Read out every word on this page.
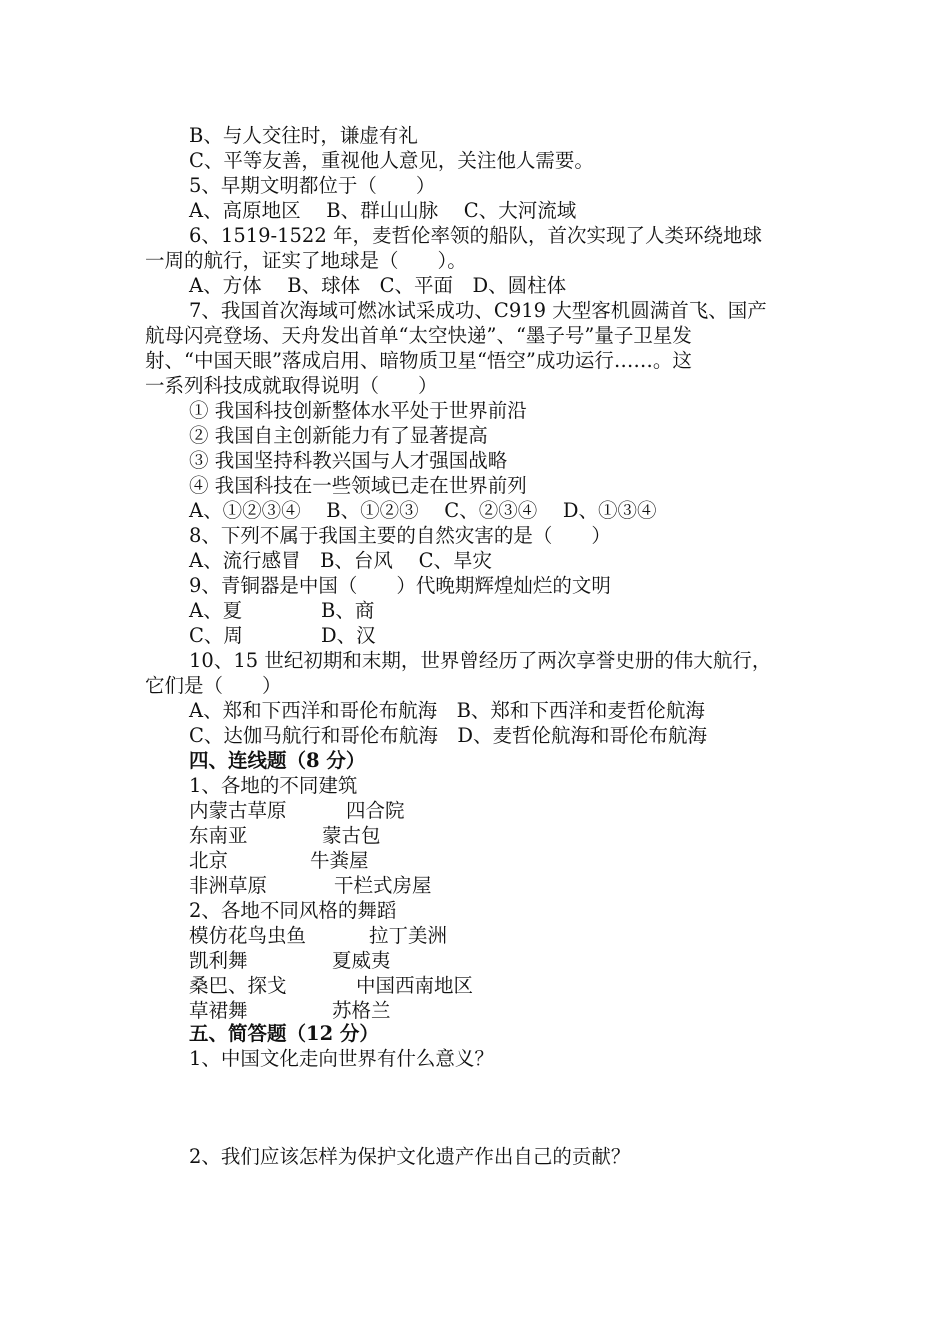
B、与人交往时，谦虚有礼
C、平等友善，重视他人意见，关注他人需要。
5、早期文明都位于（　　）
A、高原地区　 B、群山山脉　 C、大河流域
6、1519-1522 年，麦哲伦率领的船队，首次实现了人类环绕地球
一周的航行，证实了地球是（　　）。
A、方体　 B、球体　C、平面　D、圆柱体
7、我国首次海域可燃冰试采成功、C919 大型客机圆满首飞、国产
航母闪亮登场、天舟发出首单“太空快递”、“墨子号”量子卫星发
射、“中国天眼”落成启用、暗物质卫星“悟空”成功运行……。这
一系列科技成就取得说明（　　）
① 我国科技创新整体水平处于世界前沿
② 我国自主创新能力有了显著提高
③ 我国坚持科教兴国与人才强国战略
④ 我国科技在一些领域已走在世界前列
A、①②③④　 B、①②③　 C、②③④　 D、①③④
8、下列不属于我国主要的自然灾害的是（　　）
A、流行感冒　B、台风　 C、旱灾
9、青铜器是中国（　　）代晚期辉煌灿烂的文明
A、夏	B、商
C、周	D、汉
10、15 世纪初期和末期，世界曾经历了两次享誉史册的伟大航行，
它们是（　　）
A、郑和下西洋和哥伦布航海　B、郑和下西洋和麦哲伦航海
C、达伽马航行和哥伦布航海　D、麦哲伦航海和哥伦布航海
四、连线题（8 分）
1、各地的不同建筑
内蒙古草原	四合院
东南亚	蒙古包
北京	牛粪屋
非洲草原	干栏式房屋
2、各地不同风格的舞蹈
模仿花鸟虫鱼	拉丁美洲
凯利舞	夏威夷
桑巴、探戈	中国西南地区
草裙舞	苏格兰
五、简答题（12 分）
1、中国文化走向世界有什么意义？
2、我们应该怎样为保护文化遗产作出自己的贡献？
